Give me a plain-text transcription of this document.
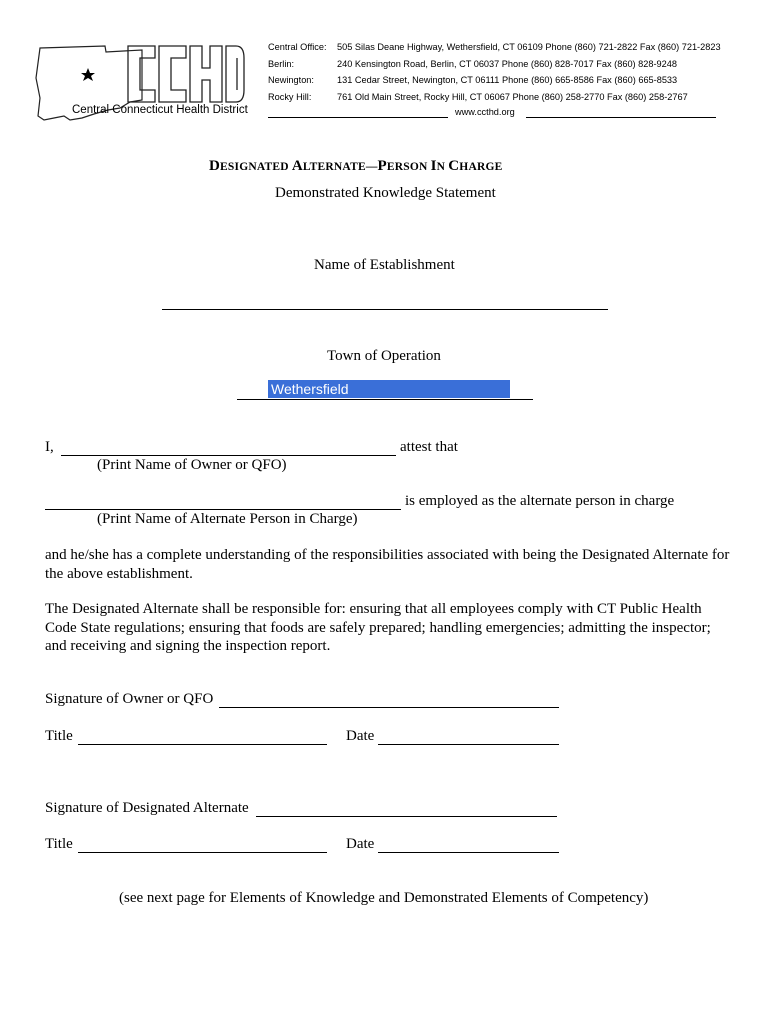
Central Connecticut Health District
Central Office: 505 Silas Deane Highway, Wethersfield, CT 06109 Phone (860) 721-2822 Fax (860) 721-2823
Berlin:	240 Kensington Road, Berlin, CT 06037 Phone (860) 828-7017 Fax (860) 828-9248
Newington:	131 Cedar Street, Newington, CT 06111 Phone (860) 665-8586 Fax (860) 665-8533
Rocky Hill:	761 Old Main Street, Rocky Hill, CT 06067 Phone (860) 258-2770 Fax (860) 258-2767
www.ccthd.org
DESIGNATED ALTERNATE—PERSON IN CHARGE
Demonstrated Knowledge Statement
Name of Establishment
Town of Operation
Wethersfield
I,	attest that
(Print Name of Owner or QFO)
is employed as the alternate person in charge
(Print Name of Alternate Person in Charge)
and he/she has a complete understanding of the responsibilities associated with being the Designated Alternate for the above establishment.
The Designated Alternate shall be responsible for: ensuring that all employees comply with CT Public Health Code State regulations; ensuring that foods are safely prepared; handling emergencies; admitting the inspector; and receiving and signing the inspection report.
Signature of Owner or QFO
Title	Date
Signature of Designated Alternate
Title	Date
(see next page for Elements of Knowledge and Demonstrated Elements of Competency)
